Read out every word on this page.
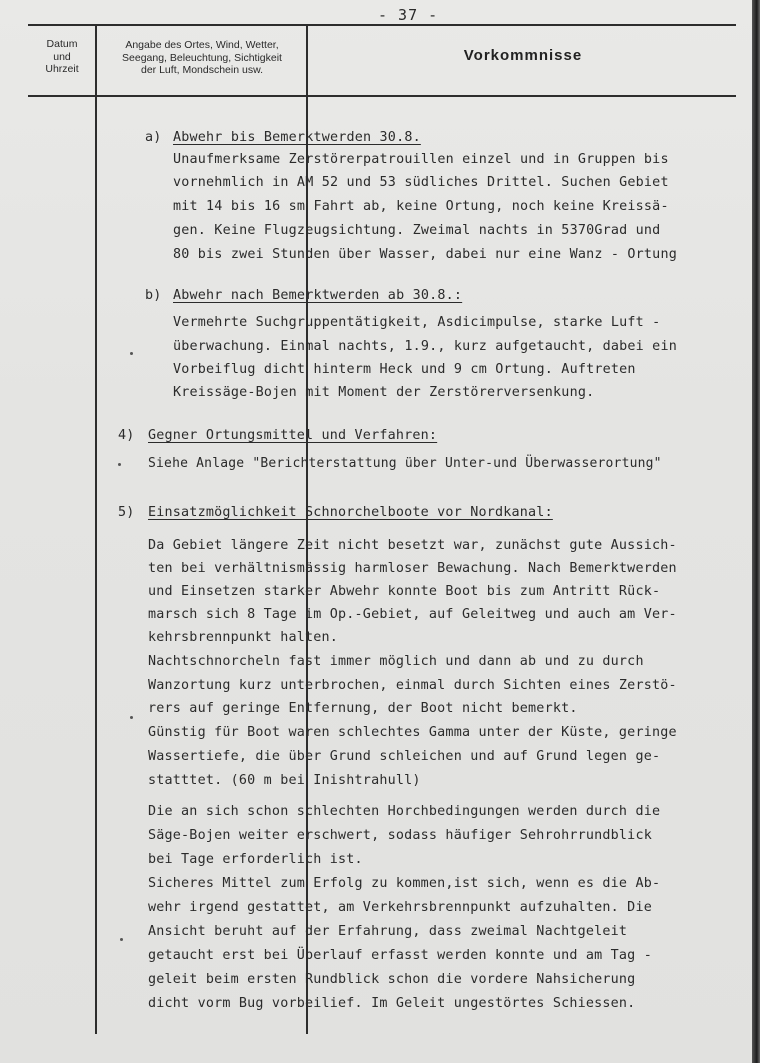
- 37 -
Datum
und
Uhrzeit
Angabe des Ortes, Wind, Wetter,
Seegang, Beleuchtung, Sichtigkeit
der Luft, Mondschein usw.
Vorkommnisse
a) Abwehr bis Bemerktwerden 30.8.
Unaufmerksame Zerstörerpatrouillen einzel und in Gruppen bis
vornehmlich in AM 52 und 53 südliches Drittel. Suchen Gebiet
mit 14 bis 16 sm Fahrt ab, keine Ortung, noch keine Kreissä-
gen. Keine Flugzeugsichtung. Zweimal nachts in 5370Grad und
80 bis zwei Stunden über Wasser, dabei nur eine Wanz - Ortung
b) Abwehr nach Bemerktwerden ab 30.8.:
Vermehrte Suchgruppentätigkeit, Asdicimpulse, starke Luft -
überwachung. Einmal nachts, 1.9., kurz aufgetaucht, dabei ein
Vorbeiflug dicht hinterm Heck und 9 cm Ortung. Auftreten
Kreissäge-Bojen mit Moment der Zerstörerversenkung.
4) Gegner Ortungsmittel und Verfahren:
Siehe Anlage "Berichterstattung über Unter-und Überwasserortung"
5) Einsatzmöglichkeit Schnorchelboote vor Nordkanal:
Da Gebiet längere Zeit nicht besetzt war, zunächst gute Aussich-
ten bei verhältnismässig harmloser Bewachung. Nach Bemerktwerden
und Einsetzen starker Abwehr konnte Boot bis zum Antritt Rück-
marsch sich 8 Tage im Op.-Gebiet, auf Geleitweg und auch am Ver-
kehrsbrennpunkt halten.
Nachtschnorcheln fast immer möglich und dann ab und zu durch
Wanzortung kurz unterbrochen, einmal durch Sichten eines Zerstö-
rers auf geringe Entfernung, der Boot nicht bemerkt.
Günstig für Boot waren schlechtes Gamma unter der Küste, geringe
Wassertiefe, die über Grund schleichen und auf Grund legen ge-
statttet. (60 m bei Inishtrahull)
Die an sich schon schlechten Horchbedingungen werden durch die
Säge-Bojen weiter erschwert, sodass häufiger Sehrohrrundblick
bei Tage erforderlich ist.
Sicheres Mittel zum Erfolg zu kommen,ist sich, wenn es die Ab-
wehr irgend gestattet, am Verkehrsbrennpunkt aufzuhalten. Die
Ansicht beruht auf der Erfahrung, dass zweimal Nachtgeleit
getaucht erst bei Überlauf erfasst werden konnte und am Tag -
geleit beim ersten Rundblick schon die vordere Nahsicherung
dicht vorm Bug vorbeilief. Im Geleit ungestörtes Schiessen.
